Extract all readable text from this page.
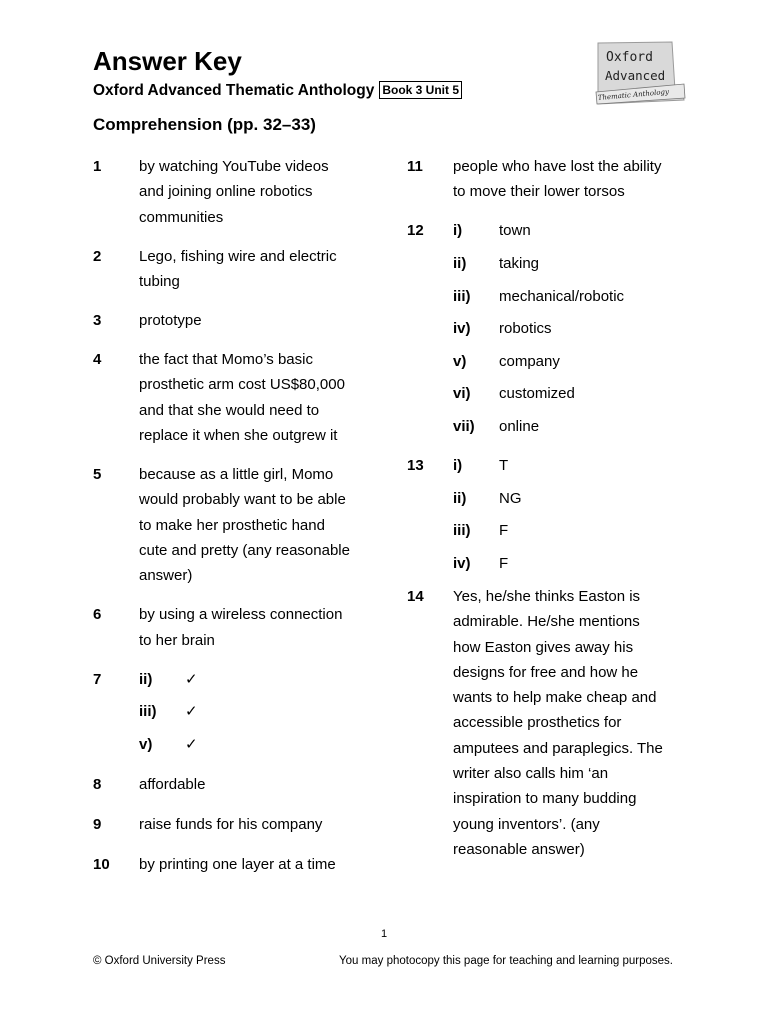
Answer Key
Oxford Advanced Thematic Anthology Book 3 Unit 5
Comprehension (pp. 32–33)
Oxford
Advanced
Thematic Anthology
1	by watching YouTube videos
and joining online robotics
communities
2	Lego, fishing wire and electric
tubing
3	prototype
4	the fact that Momo’s basic
prosthetic arm cost US$80,000
and that she would need to
replace it when she outgrew it
5	because as a little girl, Momo
would probably want to be able
to make her prosthetic hand
cute and pretty (any reasonable
answer)
6	by using a wireless connection
to her brain
7	ii)	✓
iii)	✓
v)	✓
8	affordable
9	raise funds for his company
10	by printing one layer at a time
11	people who have lost the ability
to move their lower torsos
12	i)	town
ii)	taking
iii)	mechanical/robotic
iv)	robotics
v)	company
vi)	customized
vii)	online
13	i)	T
ii)	NG
iii)	F
iv)	F
14	Yes, he/she thinks Easton is
admirable. He/she mentions
how Easton gives away his
designs for free and how he
wants to help make cheap and
accessible prosthetics for
amputees and paraplegics. The
writer also calls him ‘an
inspiration to many budding
young inventors’. (any
reasonable answer)
1
© Oxford University Press	You may photocopy this page for teaching and learning purposes.
